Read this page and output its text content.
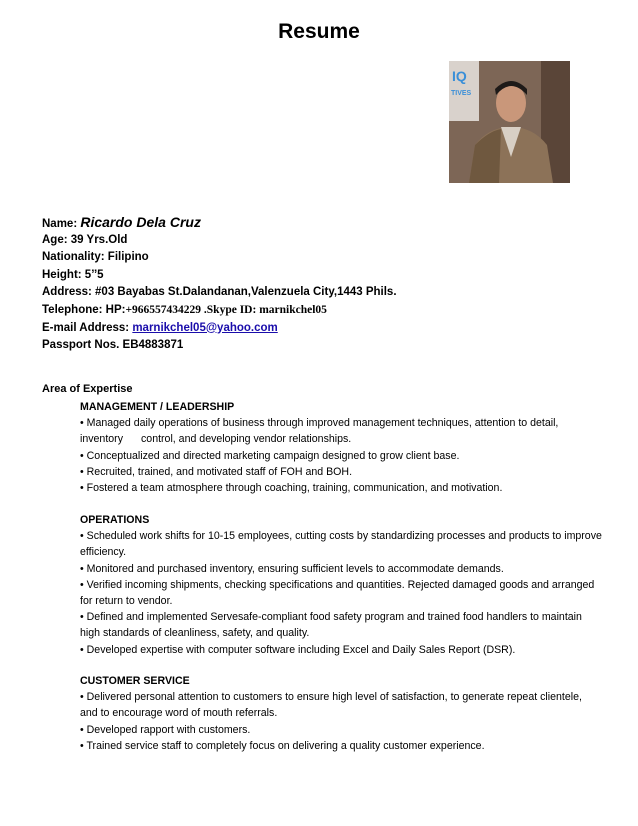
Resume
IQ
TIVES
Name: Ricardo Dela Cruz
Age: 39 Yrs.Old
Nationality: Filipino
Height: 5’’5
Address: #03 Bayabas St.Dalandanan,Valenzuela City,1443 Phils.
Telephone: HP:+966557434229 .Skype ID: marnikchel05
E-mail Address: marnikchel05@yahoo.com
Passport Nos. EB4883871
Area of Expertise
MANAGEMENT / LEADERSHIP

• Managed daily operations of business through improved management techniques, attention to detail,

inventory control, and developing vendor relationships.

• Conceptualized and directed marketing campaign designed to grow client base.

• Recruited, trained, and motivated staff of FOH and BOH.

• Fostered a team atmosphere through coaching, training, communication, and motivation.

OPERATIONS

• Scheduled work shifts for 10-15 employees, cutting costs by standardizing processes and products to improve

efficiency.

• Monitored and purchased inventory, ensuring sufficient levels to accommodate demands.

• Verified incoming shipments, checking specifications and quantities. Rejected damaged goods and arranged

for return to vendor.

• Defined and implemented Servesafe-compliant food safety program and trained food handlers to maintain

high standards of cleanliness, safety, and quality.

• Developed expertise with computer software including Excel and Daily Sales Report (DSR).

CUSTOMER SERVICE

• Delivered personal attention to customers to ensure high level of satisfaction, to generate repeat clientele,

and to encourage word of mouth referrals.

• Developed rapport with customers.

• Trained service staff to completely focus on delivering a quality customer experience.
